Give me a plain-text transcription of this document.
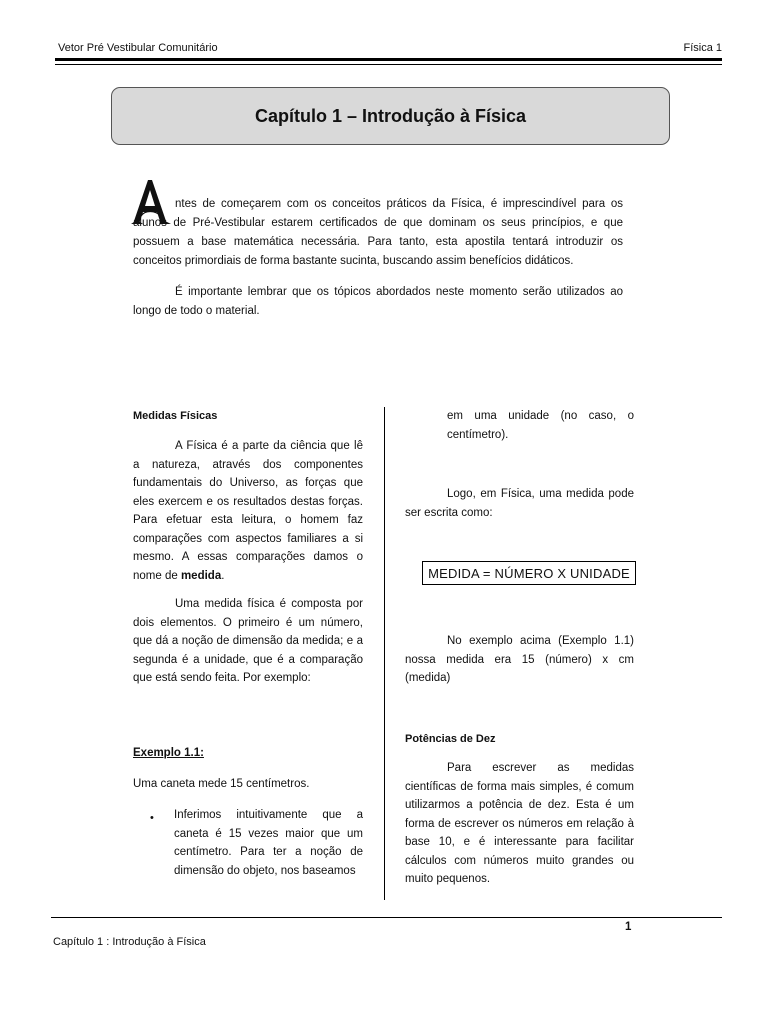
Vetor Pré Vestibular Comunitário	Física 1
Capítulo 1 – Introdução à Física
ntes de começarem com os conceitos práticos da Física, é imprescindível para os alunos de Pré-Vestibular estarem certificados de que dominam os seus princípios, e que possuem a base matemática necessária. Para tanto, esta apostila tentará introduzir os conceitos primordiais de forma bastante sucinta, buscando assim benefícios didáticos.
É importante lembrar que os tópicos abordados neste momento serão utilizados ao longo de todo o material.
Medidas Físicas
A Física é a parte da ciência que lê a natureza, através dos componentes fundamentais do Universo, as forças que eles exercem e os resultados destas forças. Para efetuar esta leitura, o homem faz comparações com aspectos familiares a si mesmo. A essas comparações damos o nome de medida.
Uma medida física é composta por dois elementos. O primeiro é um número, que dá a noção de dimensão da medida; e a segunda é a unidade, que é a comparação que está sendo feita. Por exemplo:
Exemplo 1.1:
Uma caneta mede 15 centímetros.
• Inferimos intuitivamente que a caneta é 15 vezes maior que um centímetro. Para ter a noção de dimensão do objeto, nos baseamos
em uma unidade (no caso, o centímetro).
Logo, em Física, uma medida pode ser escrita como:
MEDIDA = NÚMERO X UNIDADE
No exemplo acima (Exemplo 1.1) nossa medida era 15 (número) x cm (medida)
Potências de Dez
Para escrever as medidas científicas de forma mais simples, é comum utilizarmos a potência de dez. Esta é um forma de escrever os números em relação à base 10, e é interessante para facilitar cálculos com números muito grandes ou muito pequenos.
1
Capítulo 1 : Introdução à Física
